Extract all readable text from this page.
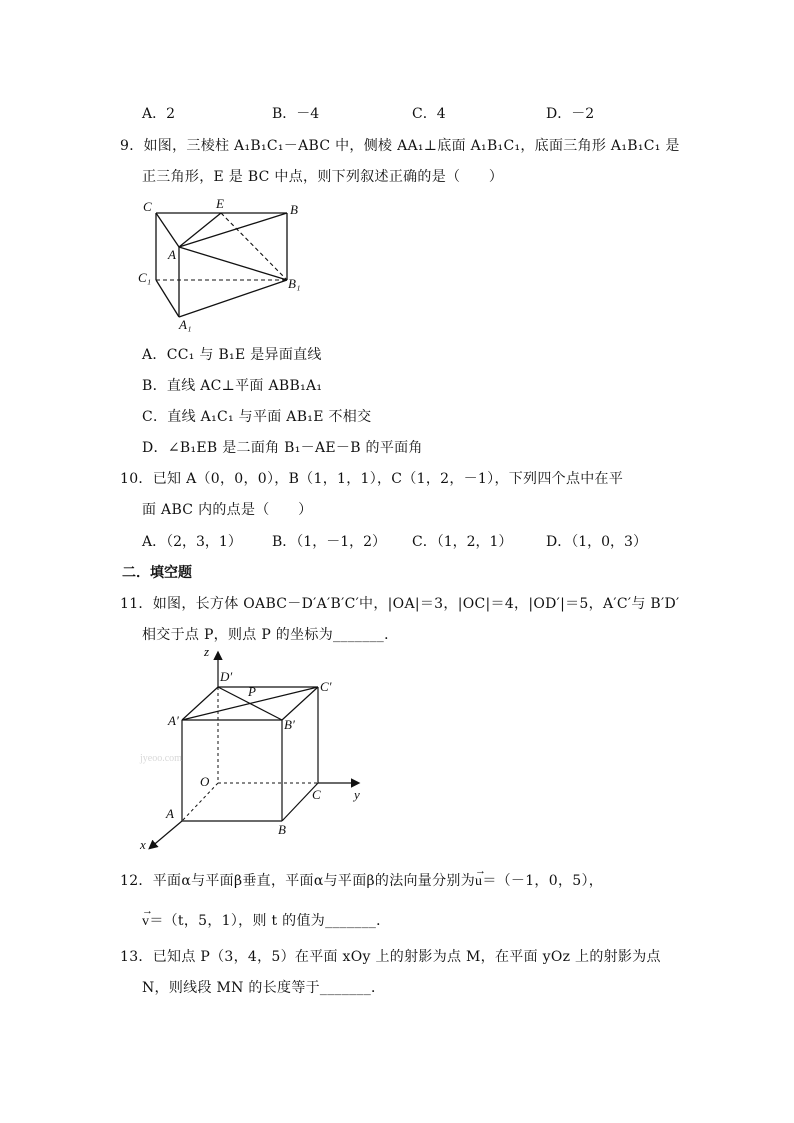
A．2	B．－4	C．4	D．－2
9．如图，三棱柱 A₁B₁C₁－ABC 中，侧棱 AA₁⊥底面 A₁B₁C₁，底面三角形 A₁B₁C₁ 是
正三角形，E 是 BC 中点，则下列叙述正确的是（　　）
C	E	B
A
C₁	B₁
A₁
A．CC₁ 与 B₁E 是异面直线
B．直线 AC⊥平面 ABB₁A₁
C．直线 A₁C₁ 与平面 AB₁E 不相交
D．∠B₁EB 是二面角 B₁－AE－B 的平面角
10．已知 A（0，0，0），B（1，1，1），C（1，2，－1），下列四个点中在平
面 ABC 内的点是（　　）
A．（2，3，1） B．（1，－1，2） C．（1，2，1） D．（1，0，3）
二．填空题
11．如图，长方体 OABC－D′A′B′C′中，|OA|＝3，|OC|＝4，|OD′|＝5，A′C′与 B′D′
相交于点 P，则点 P 的坐标为_______．
jyeoo.com
z
D′
P	C′
A′	B′
O
C	y
A
B
x
12．平面α与平面β垂直，平面α与平面β的法向量分别为
→
u＝（－1，0，5），
→
v＝（t，5，1），则 t 的值为_______．
13．已知点 P（3，4，5）在平面 xOy 上的射影为点 M，在平面 yOz 上的射影为点
N，则线段 MN 的长度等于_______．
